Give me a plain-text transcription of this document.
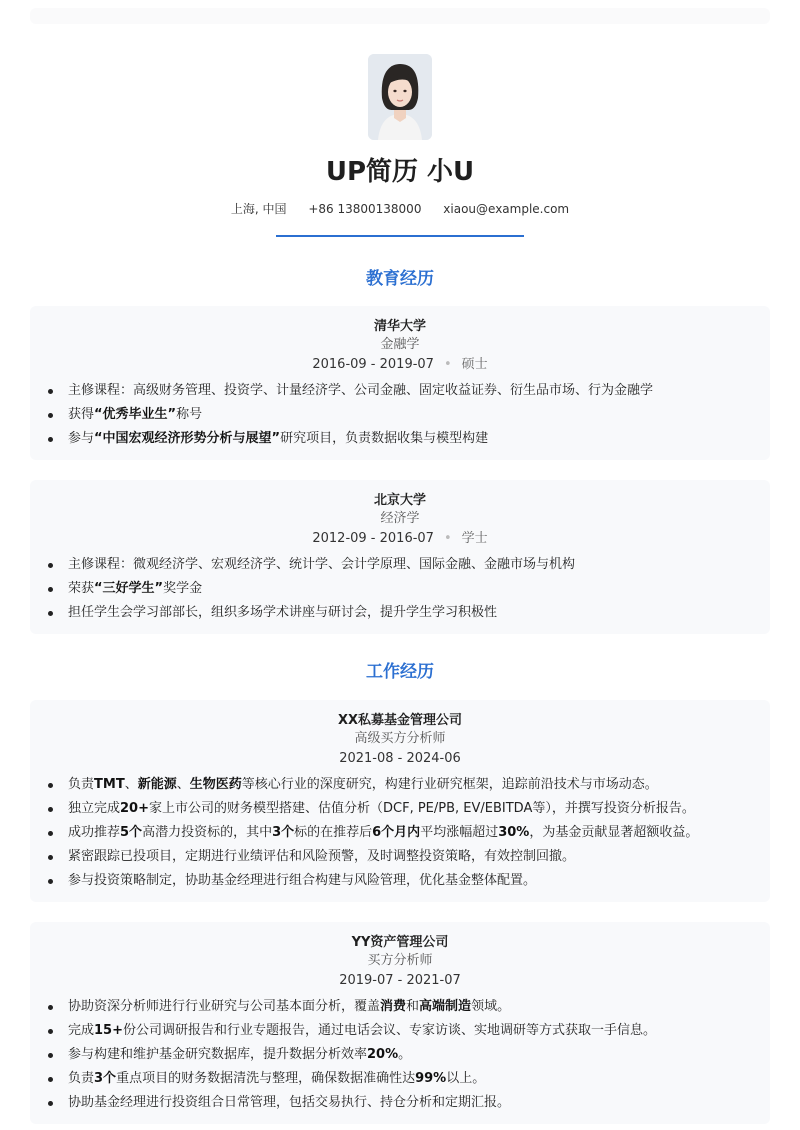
UP简历 小U
上海, 中国 +86 13800138000 xiaou@example.com
教育经历
清华大学
金融学
2016-09 - 2019-07 • 硕士
主修课程：高级财务管理、投资学、计量经济学、公司金融、固定收益证券、衍生品市场、行为金融学
获得“优秀毕业生”称号
参与“中国宏观经济形势分析与展望”研究项目，负责数据收集与模型构建
北京大学
经济学
2012-09 - 2016-07 • 学士
主修课程：微观经济学、宏观经济学、统计学、会计学原理、国际金融、金融市场与机构
荣获“三好学生”奖学金
担任学生会学习部部长，组织多场学术讲座与研讨会，提升学生学习积极性
工作经历
XX私募基金管理公司
高级买方分析师
2021-08 - 2024-06
负责TMT、新能源、生物医药等核心行业的深度研究，构建行业研究框架，追踪前沿技术与市场动态。
独立完成20+家上市公司的财务模型搭建、估值分析（DCF, PE/PB, EV/EBITDA等），并撰写投资分析报告。
成功推荐5个高潜力投资标的，其中3个标的在推荐后6个月内平均涨幅超过30%，为基金贡献显著超额收益。
紧密跟踪已投项目，定期进行业绩评估和风险预警，及时调整投资策略，有效控制回撤。
参与投资策略制定，协助基金经理进行组合构建与风险管理，优化基金整体配置。
YY资产管理公司
买方分析师
2019-07 - 2021-07
协助资深分析师进行行业研究与公司基本面分析，覆盖消费和高端制造领域。
完成15+份公司调研报告和行业专题报告，通过电话会议、专家访谈、实地调研等方式获取一手信息。
参与构建和维护基金研究数据库，提升数据分析效率20%。
负责3个重点项目的财务数据清洗与整理，确保数据准确性达99%以上。
协助基金经理进行投资组合日常管理，包括交易执行、持仓分析和定期汇报。
